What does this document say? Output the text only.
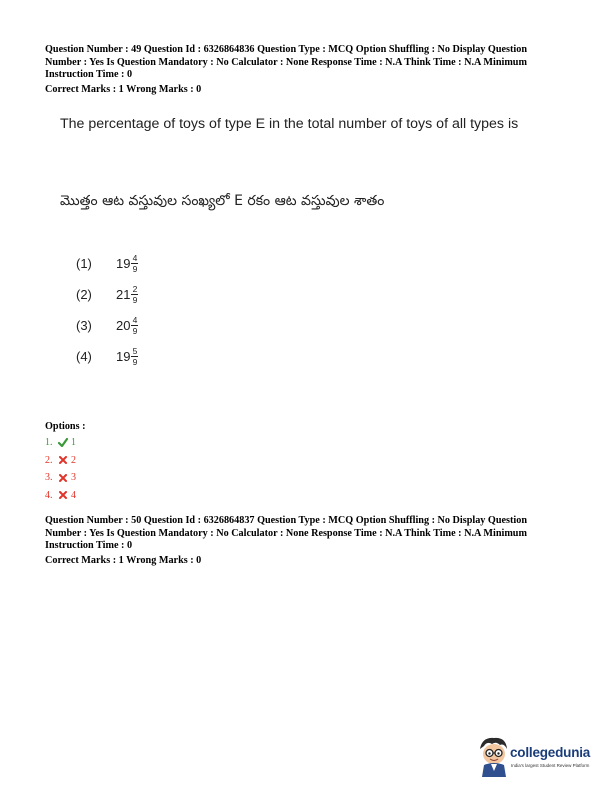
Question Number : 49 Question Id : 6326864836 Question Type : MCQ Option Shuffling : No Display Question

Number : Yes Is Question Mandatory : No Calculator : None Response Time : N.A Think Time : N.A Minimum

Instruction Time : 0

Correct Marks : 1 Wrong Marks : 0
The percentage of toys of type E in the total number of toys of all types is
మొత్తం ఆట వస్తువుల సంఖ్యలో E రకం ఆట వస్తువుల శాతం
(1)	$19 \frac{4}{9}$
(2)	$21 \frac{2}{9}$
(3)	$20 \frac{4}{9}$
(4)	$19 \frac{5}{9}$
Options :
1.	1
2.	2
3.	3
4.	4

Question Number : 50 Question Id : 6326864837 Question Type : MCQ Option Shuffling : No Display Question

Number : Yes Is Question Mandatory : No Calculator : None Response Time : N.A Think Time : N.A Minimum

Instruction Time : 0

Correct Marks : 1 Wrong Marks : 0
collegedunia
India's largest Student Review Platform
